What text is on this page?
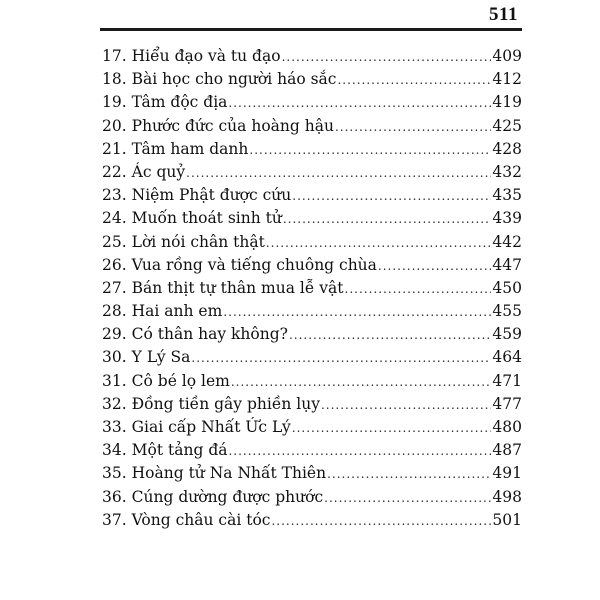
511
17. Hiểu đạo và tu đạo .....	409
18. Bài học cho người háo sắc .....	412
19. Tâm độc địa .....	419
20. Phước đức của hoàng hậu .....	425
21. Tâm ham danh .....	428
22. Ác quỷ .....	432
23. Niệm Phật được cứu .....	435
24. Muốn thoát sinh tử .....	439
25. Lời nói chân thật .....	442
26. Vua rồng và tiếng chuông chùa .....	447
27. Bán thịt tự thân mua lễ vật .....	450
28. Hai anh em .....	455
29. Có thân hay không? .....	459
30. Y Lý Sa .....	464
31. Cô bé lọ lem .....	471
32. Đồng tiền gây phiền lụy .....	477
33. Giai cấp Nhất Ức Lý .....	480
34. Một tảng đá .....	487
35. Hoàng tử Na Nhất Thiên .....	491
36. Cúng dường được phước .....	498
37. Vòng châu cài tóc .....	501
